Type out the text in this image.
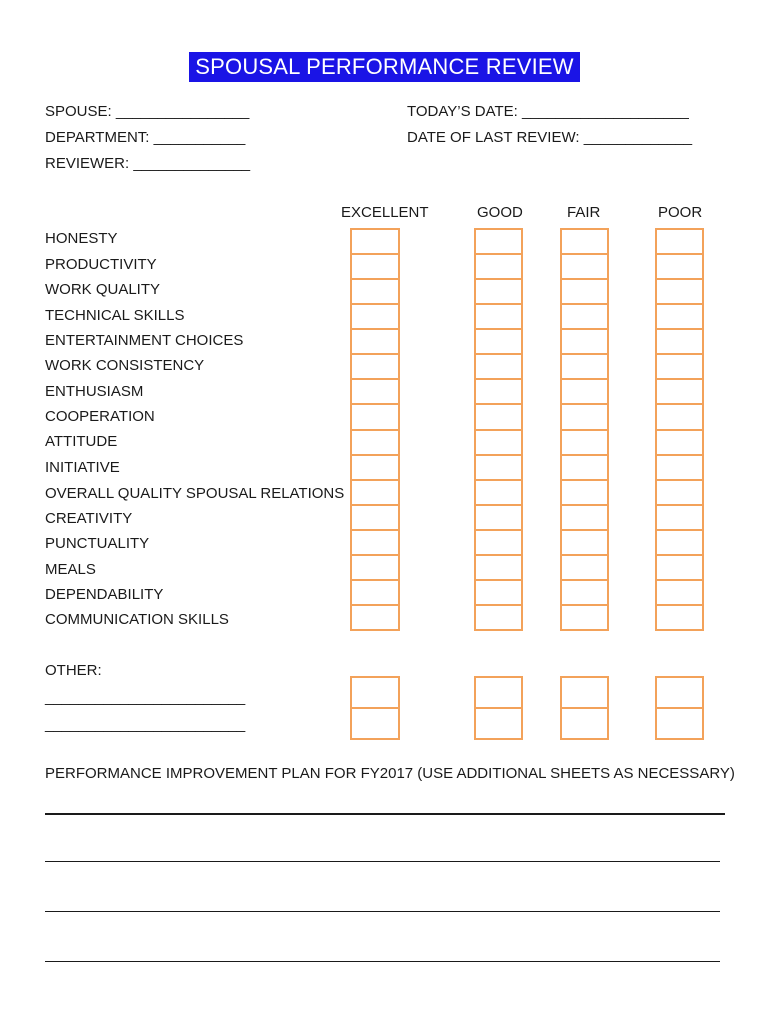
SPOUSAL PERFORMANCE REVIEW
SPOUSE: ________________
DEPARTMENT: ___________
REVIEWER: ______________
TODAY’S DATE: ____________________
DATE OF LAST REVIEW: _____________
EXCELLENT	GOOD	FAIR	POOR
HONESTY
PRODUCTIVITY
WORK QUALITY
TECHNICAL SKILLS
ENTERTAINMENT CHOICES
WORK CONSISTENCY
ENTHUSIASM
COOPERATION
ATTITUDE
INITIATIVE
OVERALL QUALITY SPOUSAL RELATIONS
CREATIVITY
PUNCTUALITY
MEALS
DEPENDABILITY
COMMUNICATION SKILLS
OTHER:
________________________
________________________
PERFORMANCE IMPROVEMENT PLAN FOR FY2017 (USE ADDITIONAL SHEETS AS NECESSARY)
